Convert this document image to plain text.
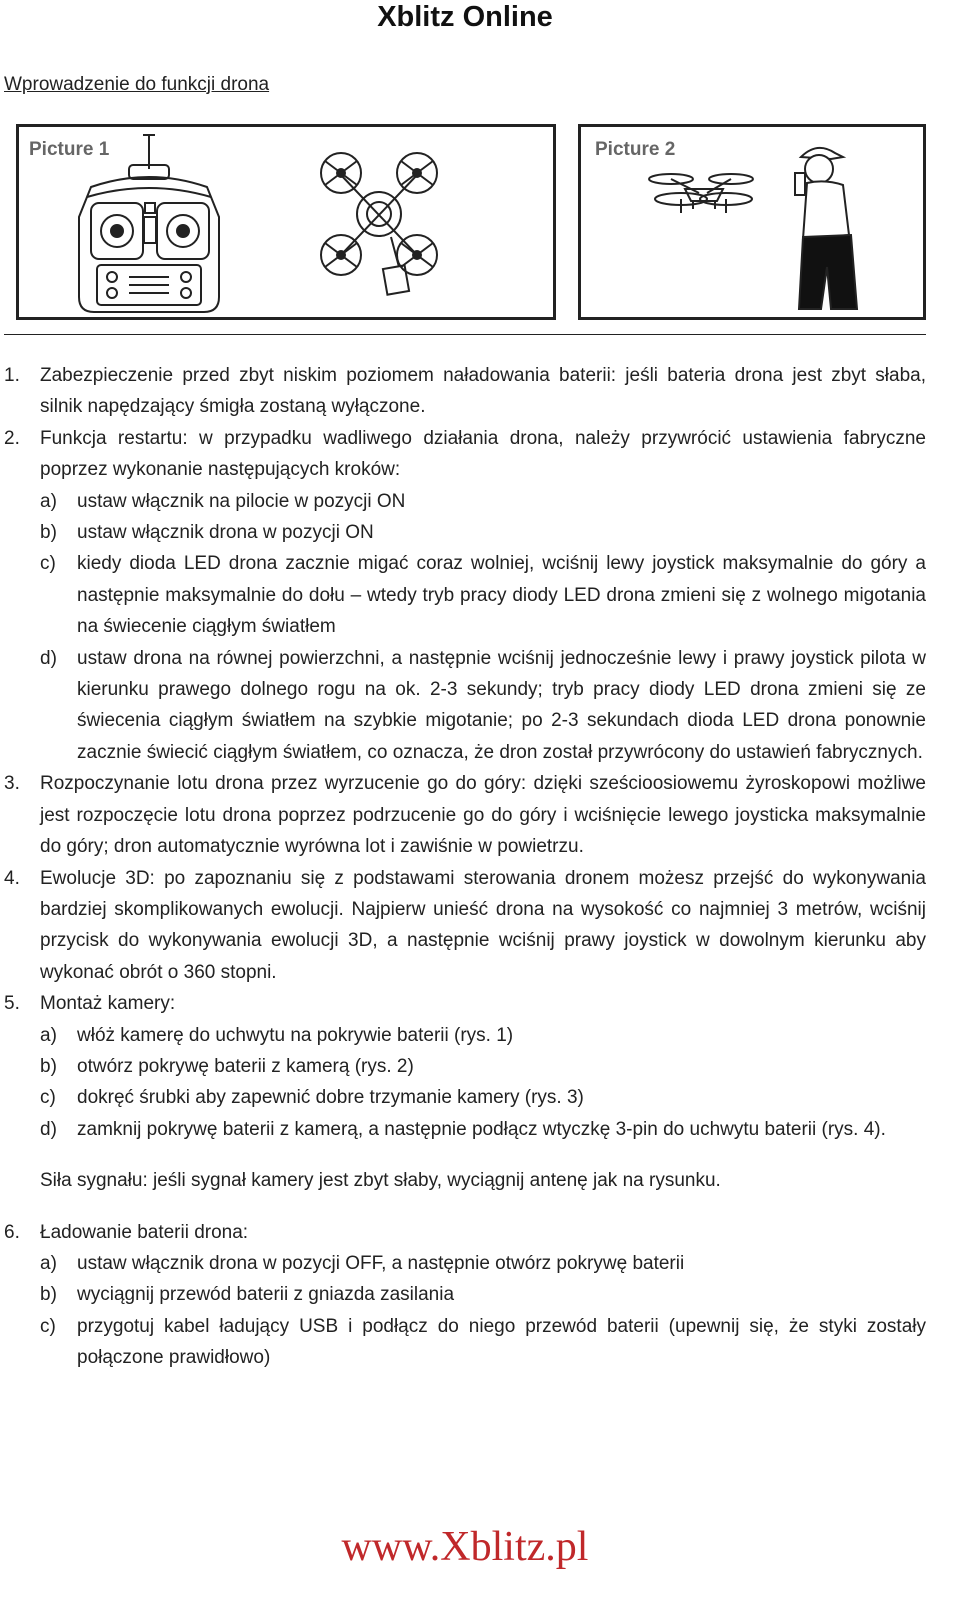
Xblitz Online
Wprowadzenie do funkcji drona
Picture 1	Picture 2
1.	Zabezpieczenie przed zbyt niskim poziomem naładowania baterii: jeśli bateria drona jest zbyt słaba, silnik napędzający śmigła zostaną wyłączone.
2.	Funkcja restartu: w przypadku wadliwego działania drona, należy przywrócić ustawienia fabryczne poprzez wykonanie następujących kroków:
a)	ustaw włącznik na pilocie w pozycji ON
b)	ustaw włącznik drona w pozycji ON
c)	kiedy dioda LED drona zacznie migać coraz wolniej, wciśnij lewy joystick maksymalnie do góry a następnie maksymalnie do dołu – wtedy tryb pracy diody LED drona zmieni się z wolnego migotania na świecenie ciągłym światłem
d)	ustaw drona na równej powierzchni, a następnie wciśnij jednocześnie lewy i prawy joystick pilota w kierunku prawego dolnego rogu na ok. 2-3 sekundy; tryb pracy diody LED drona zmieni się ze świecenia ciągłym światłem na szybkie migotanie; po 2-3 sekundach dioda LED drona ponownie zacznie świecić ciągłym światłem, co oznacza, że dron został przywrócony do ustawień fabrycznych.
3.	Rozpoczynanie lotu drona przez wyrzucenie go do góry: dzięki sześcioosiowemu żyroskopowi możliwe jest rozpoczęcie lotu drona poprzez podrzucenie go do góry i wciśnięcie lewego joysticka maksymalnie do góry; dron automatycznie wyrówna lot i zawiśnie w powietrzu.
4.	Ewolucje 3D: po zapoznaniu się z podstawami sterowania dronem możesz przejść do wykonywania bardziej skomplikowanych ewolucji. Najpierw unieść drona na wysokość co najmniej 3 metrów, wciśnij przycisk do wykonywania ewolucji 3D, a następnie wciśnij prawy joystick w dowolnym kierunku aby wykonać obrót o 360 stopni.
5.	Montaż kamery:
a)	włóż kamerę do uchwytu na pokrywie baterii (rys. 1)
b)	otwórz pokrywę baterii z kamerą (rys. 2)
c)	dokręć śrubki aby zapewnić dobre trzymanie kamery (rys. 3)
d)	zamknij pokrywę baterii z kamerą, a następnie podłącz wtyczkę 3-pin do uchwytu baterii (rys. 4).
Siła sygnału: jeśli sygnał kamery jest zbyt słaby, wyciągnij antenę jak na rysunku.
6.	Ładowanie baterii drona:
a)	ustaw włącznik drona w pozycji OFF, a następnie otwórz pokrywę baterii
b)	wyciągnij przewód baterii z gniazda zasilania
c)	przygotuj kabel ładujący USB i podłącz do niego przewód baterii (upewnij się, że styki zostały połączone prawidłowo)
www.Xblitz.pl
